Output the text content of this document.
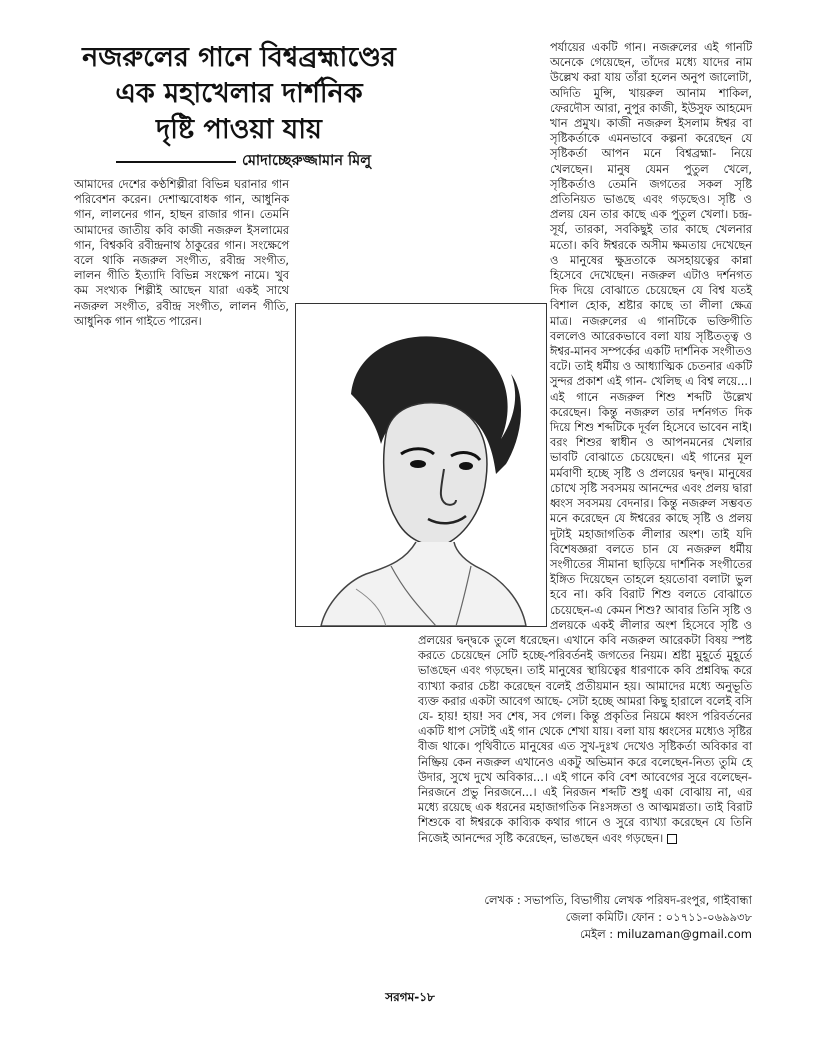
নজরুলের গানে বিশ্বব্রহ্মাণ্ডের
এক মহাখেলার দার্শনিক
দৃষ্টি পাওয়া যায়
মোদাচ্ছেরুজ্জামান মিলু

আমাদের দেশের কণ্ঠশিল্পীরা বিভিন্ন ঘরানার গান পরিবেশন করেন। দেশাত্মবোধক গান, আধুনিক গান, লালনের গান, হাছন রাজার গান। তেমনি আমাদের জাতীয় কবি কাজী নজরুল ইসলামের গান, বিশ্বকবি রবীন্দ্রনাথ ঠাকুরের গান। সংক্ষেপে বলে থাকি নজরুল সংগীত, রবীন্দ্র সংগীত, লালন গীতি ইত্যাদি বিভিন্ন সংক্ষেপ নামে। খুব কম সংখ্যক শিল্পীই আছেন যারা একই সাথে নজরুল সংগীত, রবীন্দ্র সংগীত, লালন গীতি, আধুনিক গান গাইতে পারেন।

পর্যায়ের একটি গান। নজরুলের এই গানটি অনেকে গেয়েছেন, তাঁদের মধ্যে যাদের নাম উল্লেখ করা যায় তাঁরা হলেন অনুপ জালোটা, অদিতি মুন্সি, খায়রুল আনাম শাকিল, ফেরদৌস আরা, নুপুর কাজী, ইউসুফ আহমেদ খান প্রমুখ। কাজী নজরুল ইসলাম ঈশ্বর বা সৃষ্টিকর্তাকে এমনভাবে কল্পনা করেছেন যে সৃষ্টিকর্তা আপন মনে বিশ্বব্রহ্মা- নিয়ে খেলছেন। মানুষ যেমন পুতুল খেলে, সৃষ্টিকর্তাও তেমনি জগতের সকল সৃষ্টি প্রতিনিয়ত ভাঙছে এবং গড়ছেও। সৃষ্টি ও প্রলয় যেন তার কাছে এক পুতুল খেলা। চন্দ্র-সূর্য, তারকা, সবকিছুই তার কাছে খেলনার মতো। কবি ঈশ্বরকে অসীম ক্ষমতায় দেখেছেন ও মানুষের ক্ষুদ্রতাকে অসহায়ত্বের কান্না হিসেবে দেখেছেন। নজরুল এটাও দর্শনগত দিক দিয়ে বোঝাতে চেয়েছেন যে বিশ্ব যতই বিশাল হোক, শ্রষ্টার কাছে তা লীলা ক্ষেত্র মাত্র। নজরুলের এ গানটিকে ভক্তিগীতি বললেও আরেকভাবে বলা যায় সৃষ্টিতত্ত্ব ও ঈশ্বর-মানব সম্পর্কের একটি দার্শনিক সংগীতও বটে। তাই ধর্মীয় ও আধ্যাত্মিক চেতনার একটি সুন্দর প্রকাশ এই গান- খেলিছ এ বিশ্ব লয়ে...। এই গানে নজরুল শিশু শব্দটি উল্লেখ করেছেন। কিন্তু নজরুল তার দর্শনগত দিক দিয়ে শিশু শব্দটিকে দূর্বল হিসেবে ভাবেন নাই। বরং শিশুর স্বাধীন ও আপনমনের খেলার ভাবটি বোঝাতে চেয়েছেন। এই গানের মূল মর্মবাণী হচ্ছে সৃষ্টি ও প্রলয়ের দ্বন্দ্ব। মানুষের চোখে সৃষ্টি সবসময় আনন্দের এবং প্রলয় দ্বারা ধ্বংস সবসময় বেদনার। কিন্তু নজরুল সম্ভবত মনে করেছেন যে ঈশ্বরের কাছে সৃষ্টি ও প্রলয় দুটাই মহাজাগতিক লীলার অংশ। তাই যদি বিশেষজ্ঞরা বলতে চান যে নজরুল ধর্মীয় সংগীতের সীমানা ছাড়িয়ে দার্শনিক সংগীতের ইঙ্গিত দিয়েছেন তাহলে হয়তোবা বলাটা ভুল হবে না। কবি বিরাট শিশু বলতে বোঝাতে চেয়েছেন-এ কেমন শিশু? আবার তিনি সৃষ্টি ও প্রলয়কে একই লীলার অংশ হিসেবে সৃষ্টি ও প্রলয়ের দ্বন্দ্বকে তুলে ধরেছেন। এখানে কবি নজরুল আরেকটা বিষয় স্পষ্ট করতে চেয়েছেন সেটি হচ্ছে-পরিবর্তনই জগতের নিয়ম। শ্রষ্টা মুহূর্তে মুহূর্তে ভাঙছেন এবং গড়ছেন। তাই মানুষের স্থায়িত্বের ধারণাকে কবি প্রশ্নবিদ্ধ করে ব্যাখ্যা করার চেষ্টা করেছেন বলেই প্রতীয়মান হয়। আমাদের মধ্যে অনুভূতি ব্যক্ত করার একটা আবেগ আছে- সেটা হচ্ছে আমরা কিছু হারালে বলেই বসি যে- হায়! হায়! সব শেষ, সব গেল। কিন্তু প্রকৃতির নিয়মে ধ্বংস পরিবর্তনের একটি ধাপ সেটাই এই গান থেকে শেখা যায়। বলা যায় ধ্বংসের মধ্যেও সৃষ্টির বীজ থাকে। পৃথিবীতে মানুষের এত সুখ-দুঃখ দেখেও সৃষ্টিকর্তা অবিকার বা নিষ্ক্রিয় কেন নজরুল এখানেও একটু অভিমান করে বলেছেন-নিত্য তুমি হে উদার, সুখে দুখে অবিকার...। এই গানে কবি বেশ আবেগের সুরে বলেছেন-নিরজনে প্রভু নিরজনে...। এই নিরজন শব্দটি শুধু একা বোঝায় না, এর মধ্যে রয়েছে এক ধরনের মহাজাগতিক নিঃসঙ্গতা ও আত্মমগ্নতা। তাই বিরাট শিশুকে বা ঈশ্বরকে কাব্যিক কথার গানে ও সুরে ব্যাখ্যা করেছেন যে তিনি নিজেই আনন্দের সৃষ্টি করেছেন, ভাঙছেন এবং গড়ছেন।

লেখক : সভাপতি, বিভাগীয় লেখক পরিষদ-রংপুর, গাইবান্ধা
জেলা কমিটি। ফোন : ০১৭১১-০৬৯৯৩৮
মেইল : miluzaman@gmail.com
সরগম-১৮
